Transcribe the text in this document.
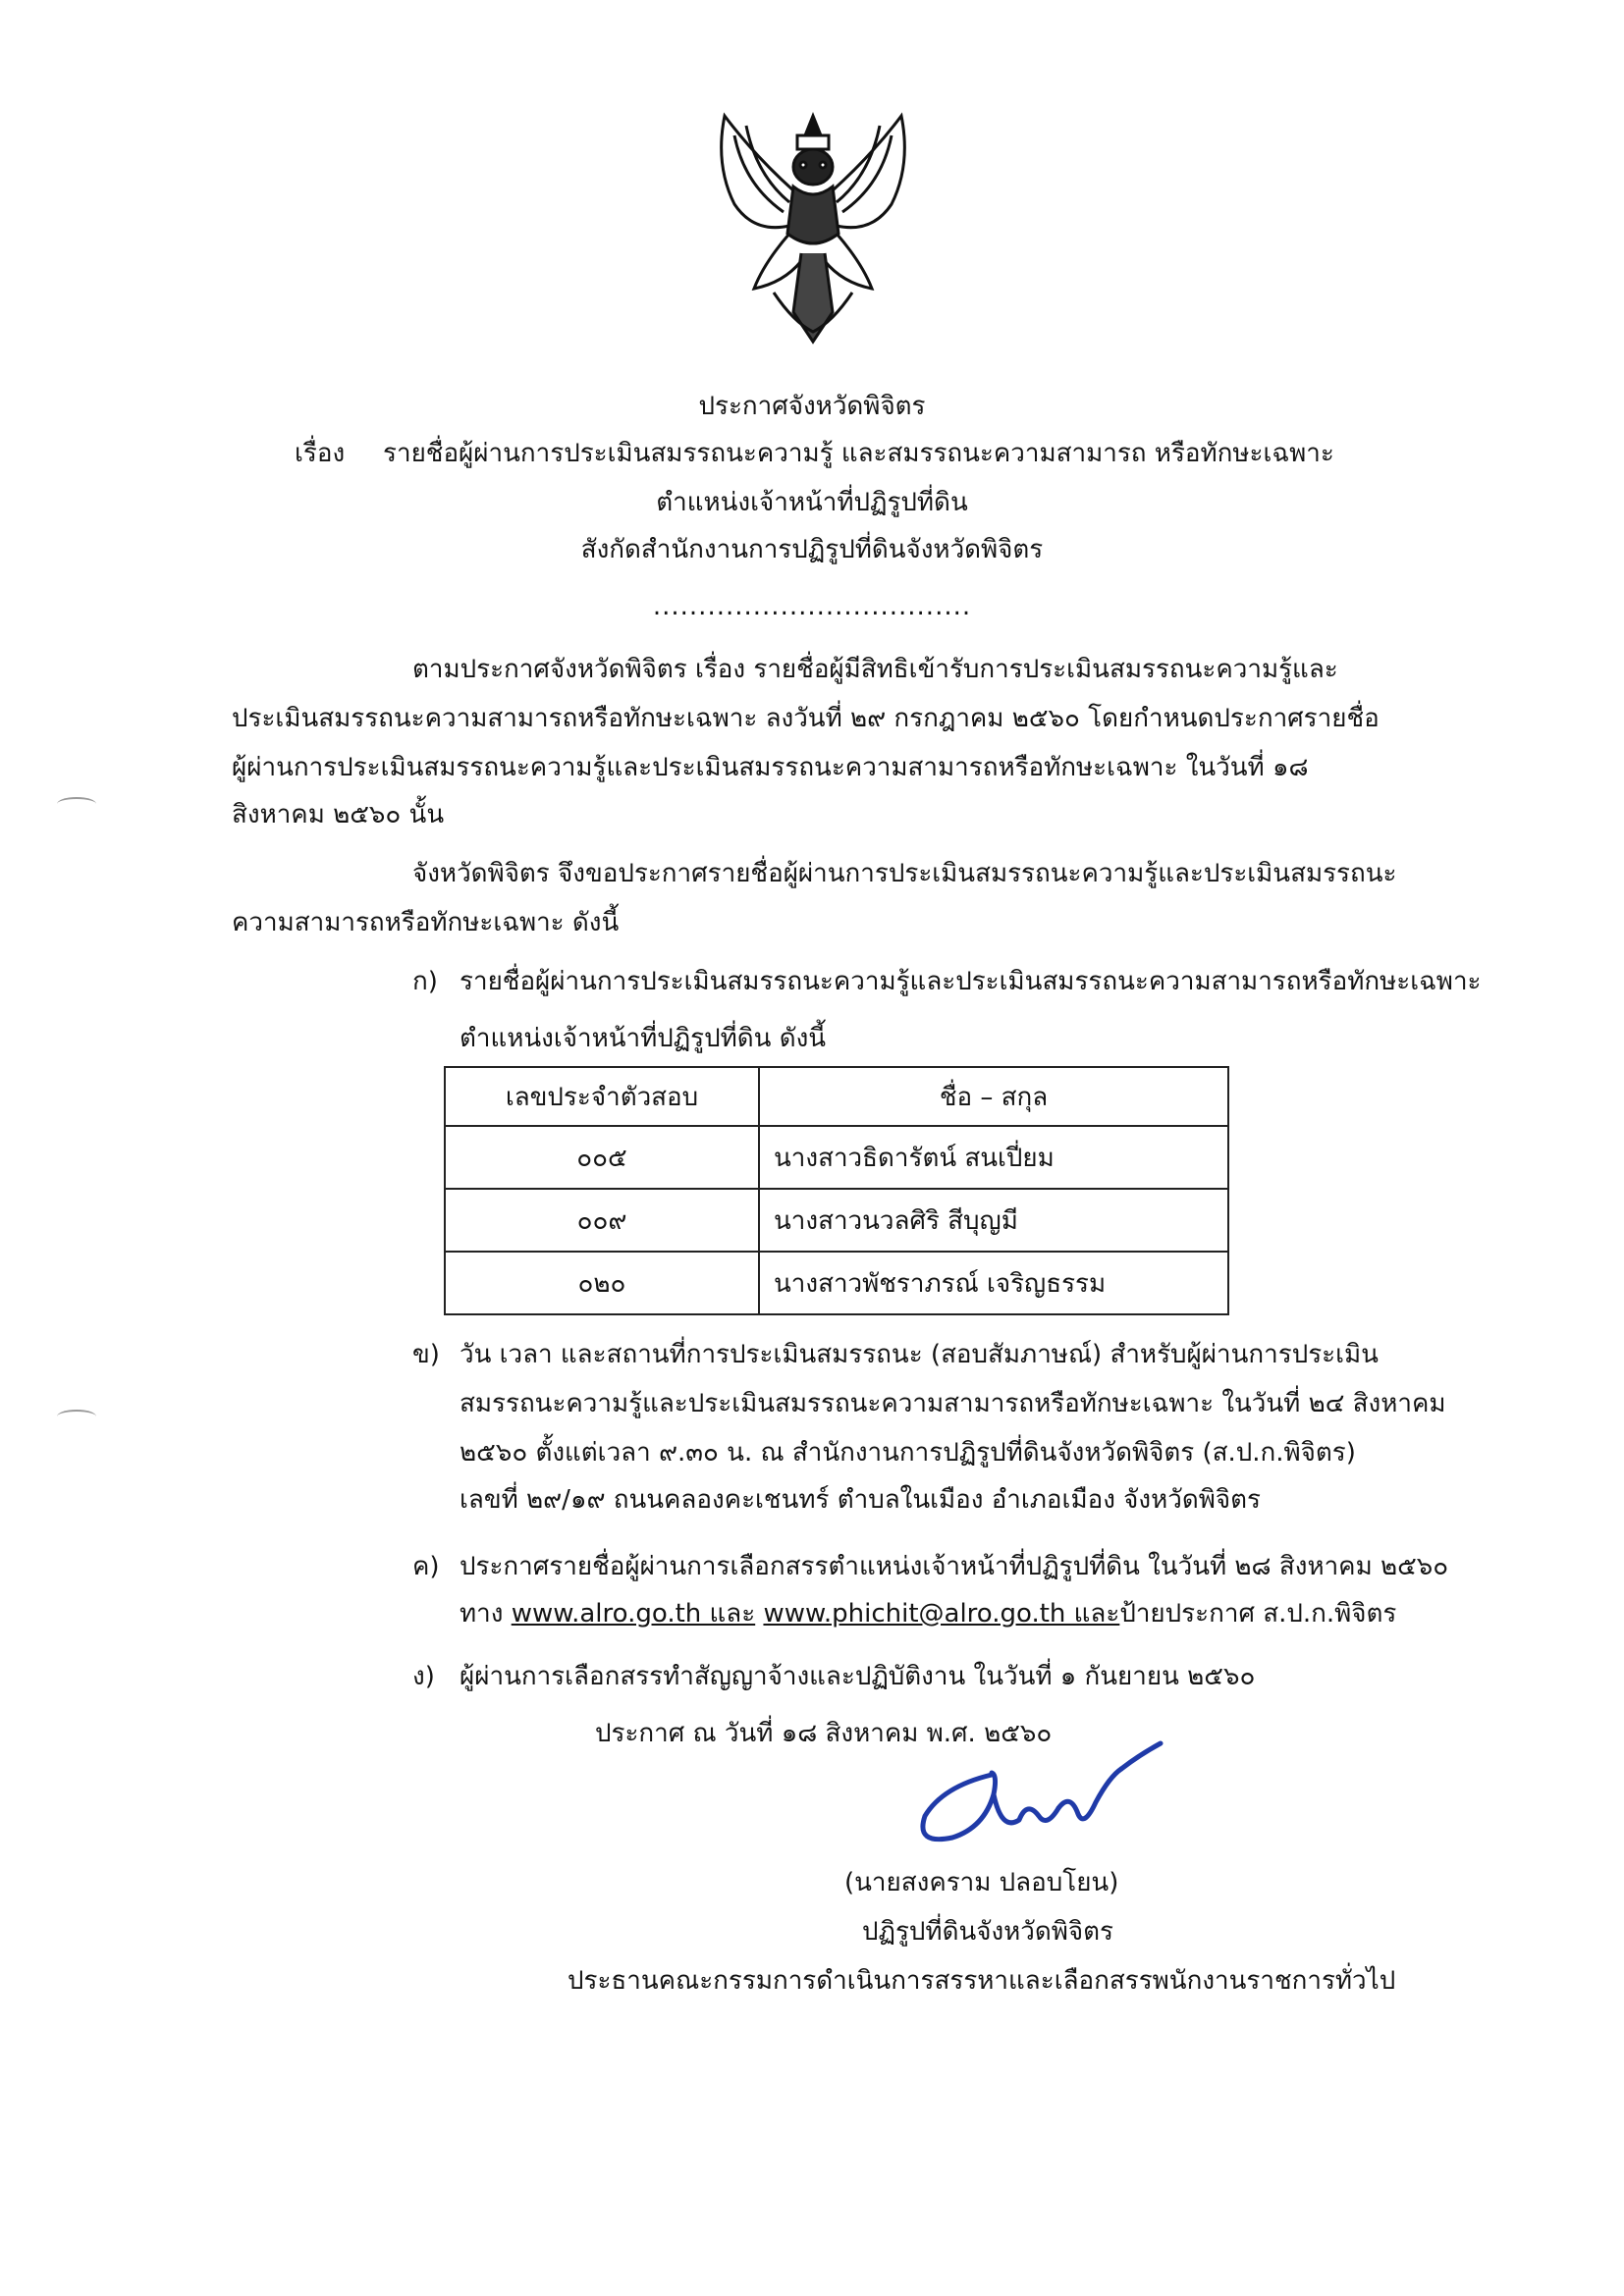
ประกาศจังหวัดพิจิตร
เรื่อง รายชื่อผู้ผ่านการประเมินสมรรถนะความรู้ และสมรรถนะความสามารถ หรือทักษะเฉพาะ
ตำแหน่งเจ้าหน้าที่ปฏิรูปที่ดิน
สังกัดสำนักงานการปฏิรูปที่ดินจังหวัดพิจิตร
...................................
ตามประกาศจังหวัดพิจิตร เรื่อง รายชื่อผู้มีสิทธิเข้ารับการประเมินสมรรถนะความรู้และ
ประเมินสมรรถนะความสามารถหรือทักษะเฉพาะ ลงวันที่ ๒๙ กรกฎาคม ๒๕๖๐ โดยกำหนดประกาศรายชื่อ
ผู้ผ่านการประเมินสมรรถนะความรู้และประเมินสมรรถนะความสามารถหรือทักษะเฉพาะ ในวันที่ ๑๘
สิงหาคม ๒๕๖๐ นั้น
จังหวัดพิจิตร จึงขอประกาศรายชื่อผู้ผ่านการประเมินสมรรถนะความรู้และประเมินสมรรถนะ
ความสามารถหรือทักษะเฉพาะ ดังนี้
ก) รายชื่อผู้ผ่านการประเมินสมรรถนะความรู้และประเมินสมรรถนะความสามารถหรือทักษะเฉพาะ
ตำแหน่งเจ้าหน้าที่ปฏิรูปที่ดิน ดังนี้
เลขประจำตัวสอบ	ชื่อ – สกุล
๐๐๕	นางสาวธิดารัตน์ สนเปี่ยม
๐๐๙	นางสาวนวลศิริ สีบุญมี
๐๒๐	นางสาวพัชราภรณ์ เจริญธรรม
ข) วัน เวลา และสถานที่การประเมินสมรรถนะ (สอบสัมภาษณ์) สำหรับผู้ผ่านการประเมิน
สมรรถนะความรู้และประเมินสมรรถนะความสามารถหรือทักษะเฉพาะ ในวันที่ ๒๔ สิงหาคม
๒๕๖๐ ตั้งแต่เวลา ๙.๓๐ น. ณ สำนักงานการปฏิรูปที่ดินจังหวัดพิจิตร (ส.ป.ก.พิจิตร)
เลขที่ ๒๙/๑๙ ถนนคลองคะเชนทร์ ตำบลในเมือง อำเภอเมือง จังหวัดพิจิตร
ค) ประกาศรายชื่อผู้ผ่านการเลือกสรรตำแหน่งเจ้าหน้าที่ปฏิรูปที่ดิน ในวันที่ ๒๘ สิงหาคม ๒๕๖๐
ทาง www.alro.go.th และ www.phichit@alro.go.th และป้ายประกาศ ส.ป.ก.พิจิตร
ง) ผู้ผ่านการเลือกสรรทำสัญญาจ้างและปฏิบัติงาน ในวันที่ ๑ กันยายน ๒๕๖๐
ประกาศ ณ วันที่ ๑๘ สิงหาคม พ.ศ. ๒๕๖๐
(นายสงคราม ปลอบโยน)
ปฏิรูปที่ดินจังหวัดพิจิตร
ประธานคณะกรรมการดำเนินการสรรหาและเลือกสรรพนักงานราชการทั่วไป
